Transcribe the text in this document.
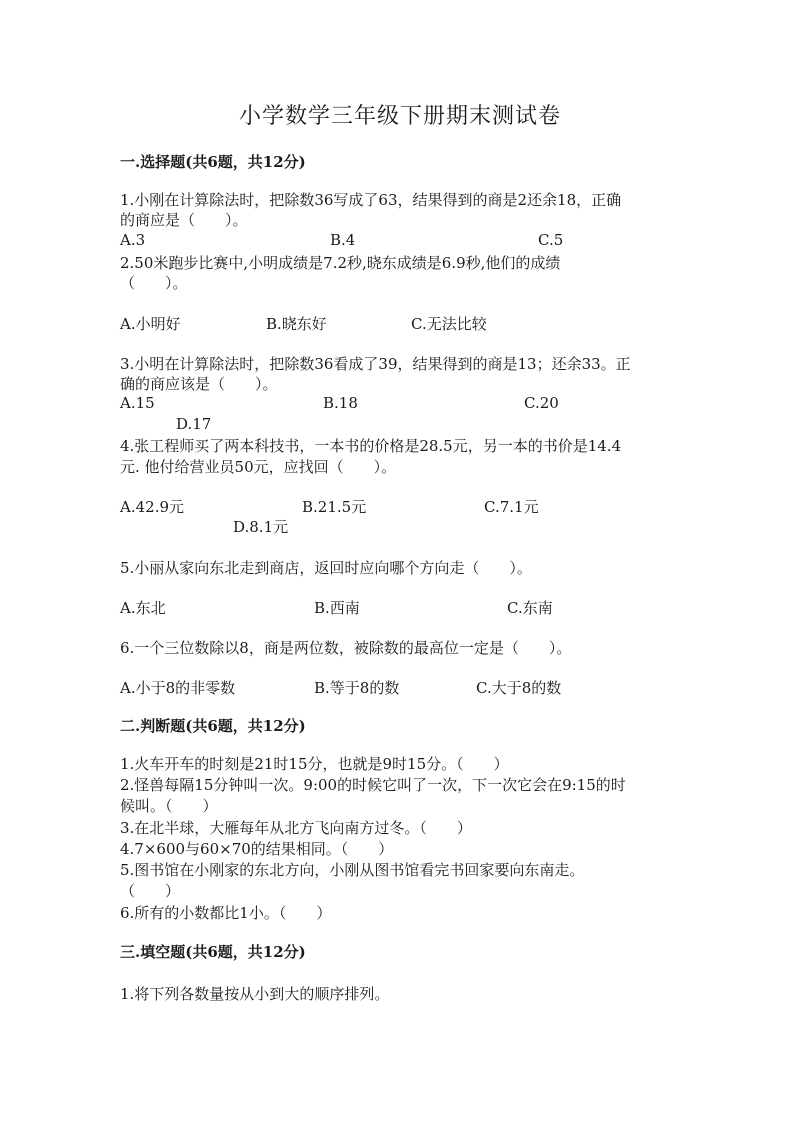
小学数学三年级下册期末测试卷
一.选择题(共6题，共12分)
1.小刚在计算除法时，把除数36写成了63，结果得到的商是2还余18，正确
的商应是（　　）。
A.3	B.4	C.5
2.50米跑步比赛中,小明成绩是7.2秒,晓东成绩是6.9秒,他们的成绩
（　　）。
A.小明好	B.晓东好	C.无法比较
3.小明在计算除法时，把除数36看成了39，结果得到的商是13；还余33。正
确的商应该是（　　）。
A.15	B.18	C.20
D.17
4.张工程师买了两本科技书，一本书的价格是28.5元，另一本的书价是14.4
元. 他付给营业员50元，应找回（　　）。
A.42.9元	B.21.5元	C.7.1元
D.8.1元
5.小丽从家向东北走到商店，返回时应向哪个方向走（　　）。
A.东北	B.西南	C.东南
6.一个三位数除以8，商是两位数，被除数的最高位一定是（　　）。
A.小于8的非零数	B.等于8的数	C.大于8的数
二.判断题(共6题，共12分)
1.火车开车的时刻是21时15分，也就是9时15分。（　　）
2.怪兽每隔15分钟叫一次。9:00的时候它叫了一次，下一次它会在9:15的时
候叫。（　　）
3.在北半球，大雁每年从北方飞向南方过冬。（　　）
4.7×600与60×70的结果相同。（　　）
5.图书馆在小刚家的东北方向，小刚从图书馆看完书回家要向东南走。
（　　）
6.所有的小数都比1小。（　　）
三.填空题(共6题，共12分)
1.将下列各数量按从小到大的顺序排列。
